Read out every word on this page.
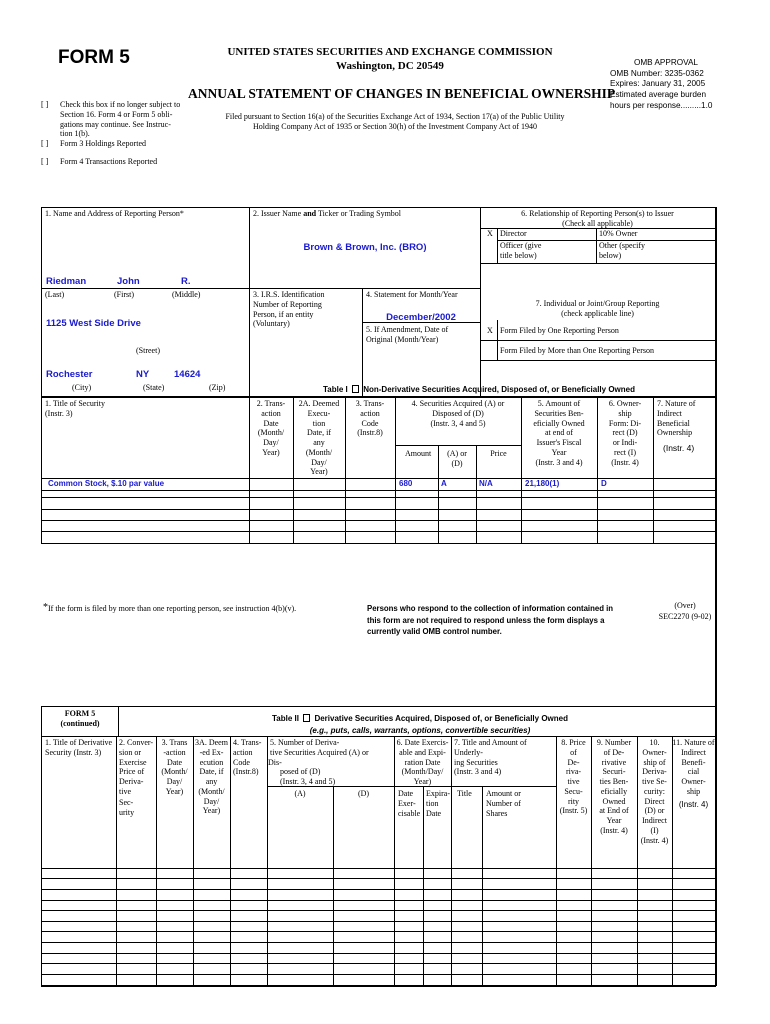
FORM 5	UNITED STATES SECURITIES AND EXCHANGE COMMISSION
Washington, DC 20549
ANNUAL STATEMENT OF CHANGES IN BENEFICIAL OWNERSHIP
Filed pursuant to Section 16(a) of the Securities Exchange Act of 1934, Section 17(a) of the Public Utility
Holding Company Act of 1935 or Section 30(h) of the Investment Company Act of 1940
OMB APPROVAL
OMB Number: 3235-0362
Expires: January 31, 2005
Estimated average burden
hours per response.........1.0
[ ] Check this box if no longer subject to
Section 16. Form 4 or Form 5 obli-
gations may continue. See Instruc-
tion 1(b).
[ ] Form 3 Holdings Reported
[ ] Form 4 Transactions Reported
1. Name and Address of Reporting Person*
Riedman	John	R.
(Last)	(First)	(Middle)
1125 West Side Drive
(Street)
Rochester	NY	14624
(City)	(State)	(Zip)
2. Issuer Name and Ticker or Trading Symbol
Brown & Brown, Inc. (BRO)
3. I.R.S. Identification
Number of Reporting
Person, if an entity
(Voluntary)
4. Statement for Month/Year
December/2002
5. If Amendment, Date of
Original (Month/Year)
6. Relationship of Reporting Person(s) to Issuer
(Check all applicable)
X Director	10% Owner
Officer (give
title below)
Other (specify
below)
7. Individual or Joint/Group Reporting
(check applicable line)
X Form Filed by One Reporting Person
Form Filed by More than One Reporting Person
Table I Non-Derivative Securities Acquired, Disposed of, or Beneficially Owned
1. Title of Security
(Instr. 3)
2. Trans-
action
Date
(Month/
Day/
Year)
2A. Deemed
Execu-
tion
Date, if
any
(Month/
Day/
Year)
3. Trans-
action
Code
(Instr.8)
4. Securities Acquired (A) or
Disposed of (D)
(Instr. 3, 4 and 5)
Amount	(A) or
(D)
Price
5. Amount of
Securities Ben-
eficially Owned
at end of
Issuer's Fiscal
Year
(Instr. 3 and 4)
6. Owner-
ship
Form: Di-
rect (D)
or Indi-
rect (I)
(Instr. 4)
7. Nature of
Indirect
Beneficial
Ownership
(Instr. 4)
Common Stock, $.10 par value	680	A	N/A	21,180(1)	D
*If the form is filed by more than one reporting person, see instruction 4(b)(v).	Persons who respond to the collection of information contained in
this form are not required to respond unless the form displays a
currently valid OMB control number.
(Over)
SEC2270 (9-02)
FORM 5
(continued)
Table II Derivative Securities Acquired, Disposed of, or Beneficially Owned
(e.g., puts, calls, warrants, options, convertible securities)
1. Title of Derivative
Security (Instr. 3)
2. Conver-
sion or
Exercise
Price of
Deriva-
tive
Sec-
urity
3. Trans
-action
Date
(Month/
Day/
Year)
3A. Deem
-ed Ex-
ecution
Date, if
any
(Month/
Day/
Year)
4. Trans-
action
Code
(Instr.8)
Dis-
5. Number of Deriva-
tive Securities Acquired (A) or
posed of (D)
(Instr. 3, 4 and 5)
(A)	(D)
6. Date Exercis-
able and Expi-
ration Date
(Month/Day/
Year)
Date
Exer-
cisable
Expira-
tion
Date
7. Title and Amount of Underly-
ing Securities
(Instr. 3 and 4)
Title Amount or
Number of
Shares
8. Price
of
De-
riva-
tive
Secu-
rity
(Instr. 5)
9. Number
of De-
rivative
Securi-
ties Ben-
eficially
Owned
at End of
Year
(Instr. 4)
10. Owner-
ship of
Deriva-
tive Se-
curity:
Direct
(D) or
Indirect
(I)
(Instr. 4)
11. Nature of
Indirect
Benefi-
cial
Owner-
ship
(Instr. 4)
